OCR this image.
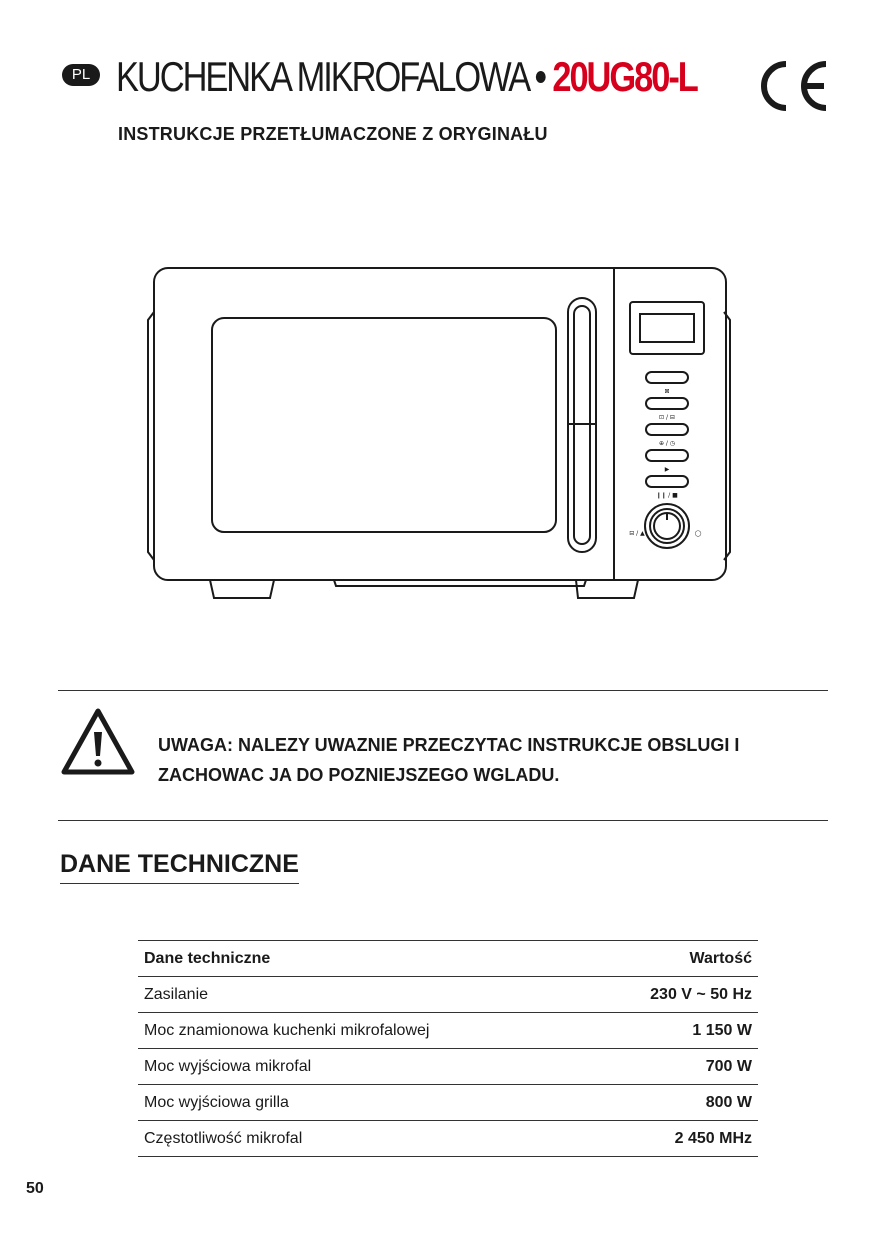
PL KUCHENKA MIKROFALOWA • 20UG80-L
INSTRUKCJE PRZETŁUMACZONE Z ORYGINAŁU
⊠
⊡ / ⊟
⊕ / ◷
▶
❙❙ / ■
⊟ / ▲	◯
UWAGA: NALEZY UWAZNIE PRZECZYTAC INSTRUKCJE OBSLUGI I ZACHOWAC JA DO POZNIEJSZEGO WGLADU.
DANE TECHNICZNE
Dane techniczne	Wartość
Zasilanie	230 V ~ 50 Hz
Moc znamionowa kuchenki mikrofalowej	1 150 W
Moc wyjściowa mikrofal	700 W
Moc wyjściowa grilla	800 W
Częstotliwość mikrofal	2 450 MHz
50
